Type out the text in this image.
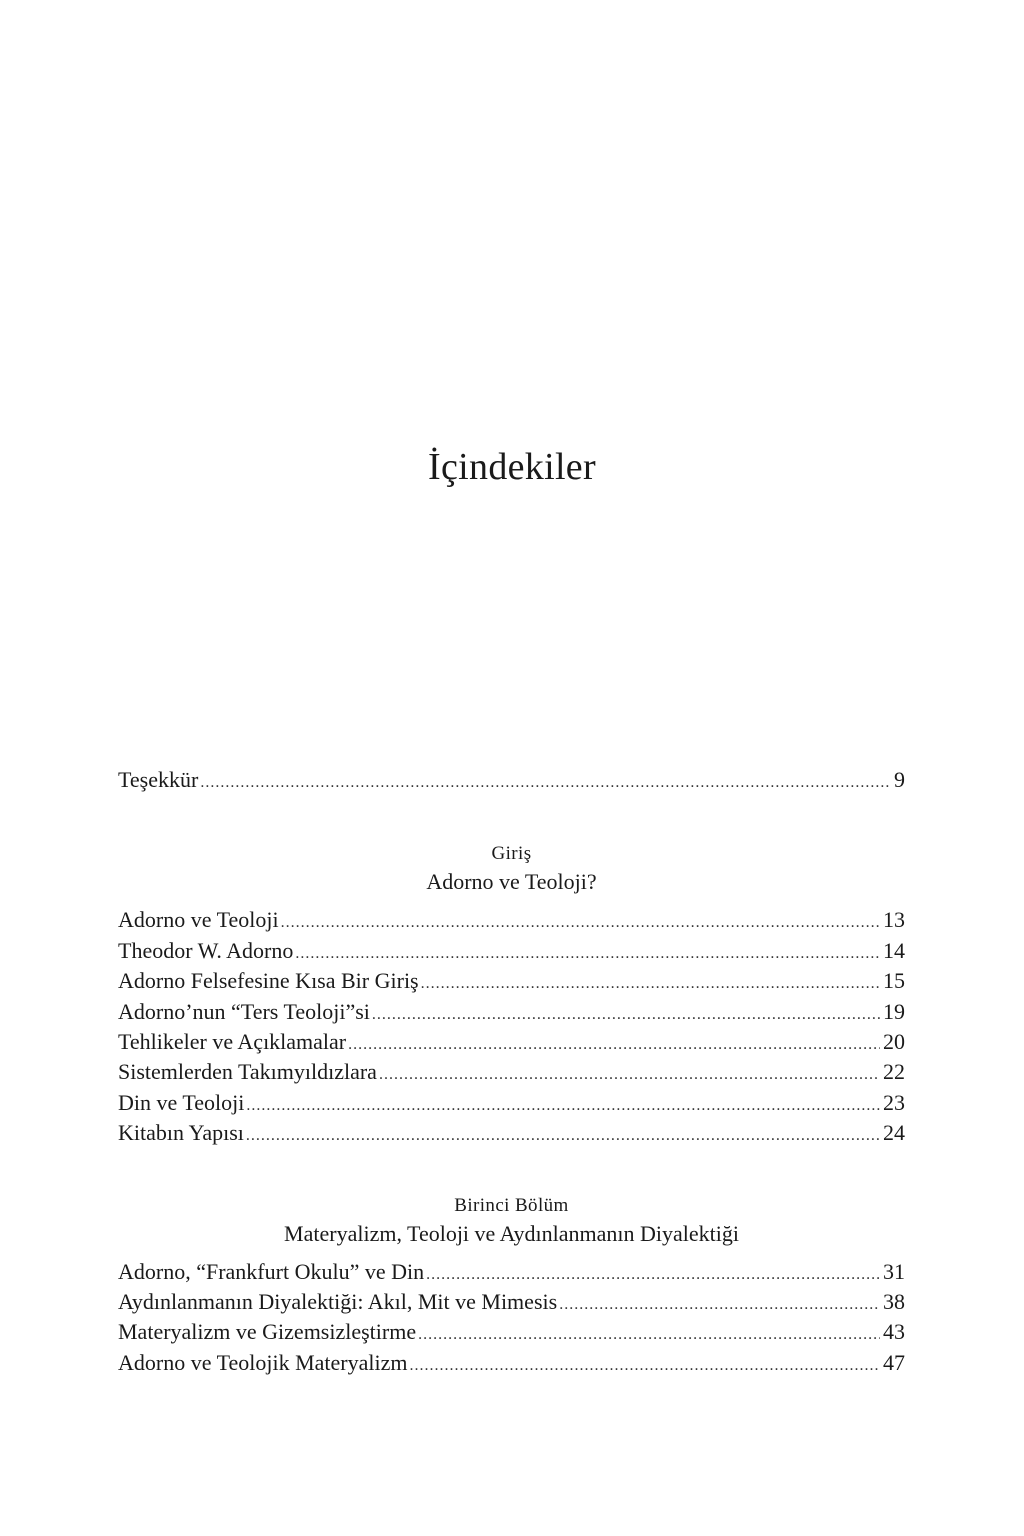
İçindekiler
Teşekkür .....	9
Giriş
Adorno ve Teoloji?
Adorno ve Teoloji .....	13
Theodor W. Adorno .....	14
Adorno Felsefesine Kısa Bir Giriş .....	15
Adorno’nun “Ters Teoloji”si .....	19
Tehlikeler ve Açıklamalar .....	20
Sistemlerden Takımyıldızlara .....	22
Din ve Teoloji .....	23
Kitabın Yapısı .....	24
Birinci Bölüm
Materyalizm, Teoloji ve Aydınlanmanın Diyalektiği
Adorno, “Frankfurt Okulu” ve Din .....	31
Aydınlanmanın Diyalektiği: Akıl, Mit ve Mimesis .....	38
Materyalizm ve Gizemsizleştirme .....	43
Adorno ve Teolojik Materyalizm .....	47
